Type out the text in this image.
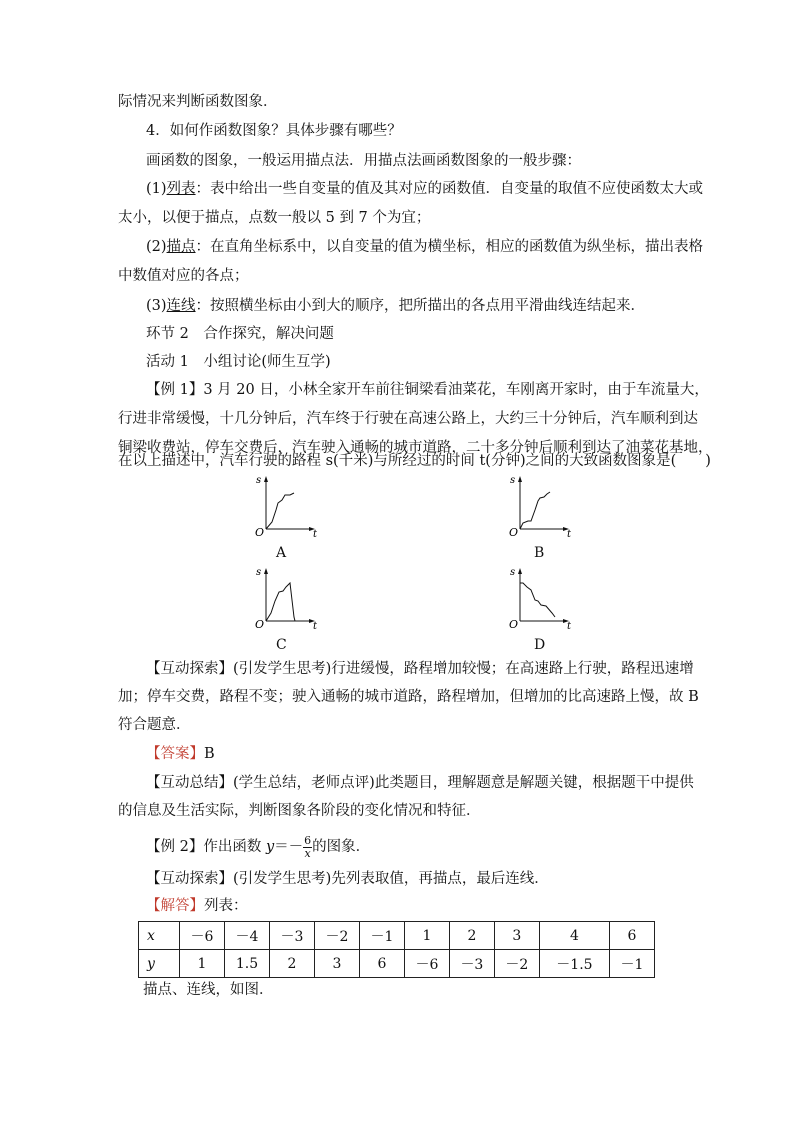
际情况来判断函数图象．

4．如何作函数图象？具体步骤有哪些？

画函数的图象，一般运用描点法．用描点法画函数图象的一般步骤：

(1)列表：表中给出一些自变量的值及其对应的函数值．自变量的取值不应使函数太大或

太小，以便于描点，点数一般以 5 到 7 个为宜；

(2)描点：在直角坐标系中，以自变量的值为横坐标，相应的函数值为纵坐标，描出表格

中数值对应的各点；

(3)连线：按照横坐标由小到大的顺序，把所描出的各点用平滑曲线连结起来．

环节 2　合作探究，解决问题

活动 1　小组讨论(师生互学)

【例 1】3 月 20 日，小林全家开车前往铜梁看油菜花，车刚离开家时，由于车流量大，

行进非常缓慢，十几分钟后，汽车终于行驶在高速公路上，大约三十分钟后，汽车顺利到达

铜梁收费站，停车交费后，汽车驶入通畅的城市道路，二十多分钟后顺利到达了油菜花基地，

在以上描述中，汽车行驶的路程 s(千米)与所经过的时间 t(分钟)之间的大致函数图象是(　　)

s
O	t
A
s
O	t
B
s
O	t
C
s
O	t
D

【互动探索】(引发学生思考)行进缓慢，路程增加较慢；在高速路上行驶，路程迅速增

加；停车交费，路程不变；驶入通畅的城市道路，路程增加，但增加的比高速路上慢，故 B

符合题意．

【答案】B

【互动总结】(学生总结，老师点评)此类题目，理解题意是解题关键，根据题干中提供

的信息及生活实际，判断图象各阶段的变化情况和特征．

【例 2】作出函数 $y=- \frac{6}{x}$ 的图象．

【互动探索】(引发学生思考)先列表取值，再描点，最后连线．

【解答】列表：

x	－6	－4	－3	－2	－1	1	2	3	4	6
y	1	1.5	2	3	6	－6	－3	－2	－1.5	－1

描点、连线，如图．
